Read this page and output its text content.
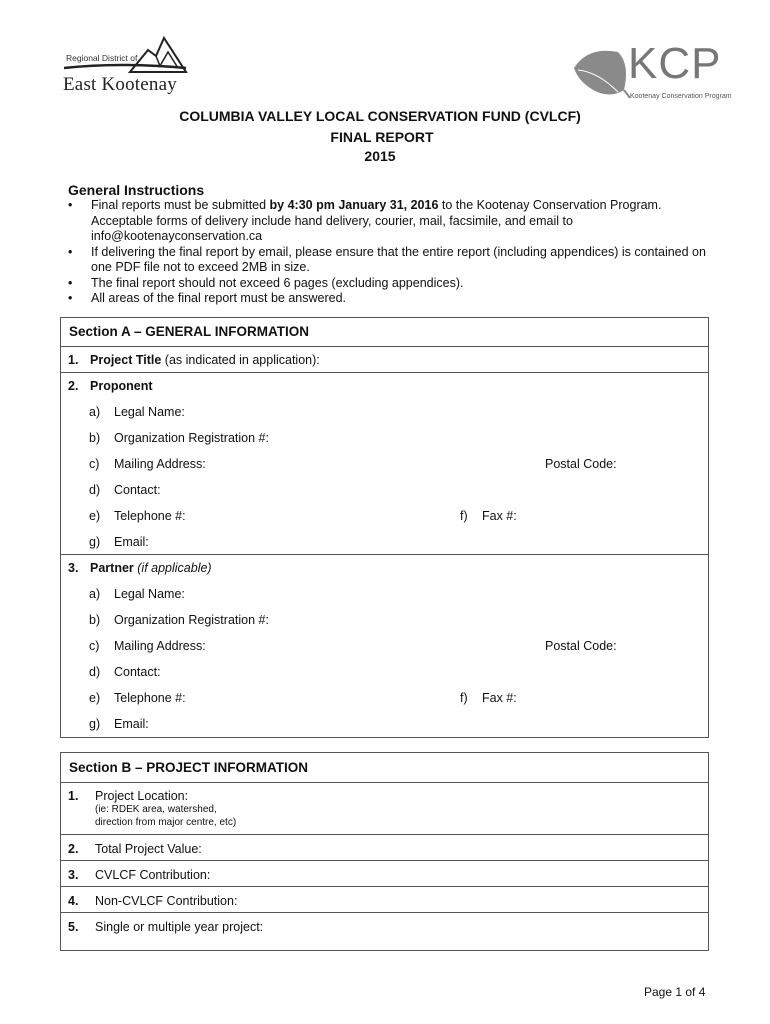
Regional District of
East Kootenay	KCP
Kootenay Conservation Program
COLUMBIA VALLEY LOCAL CONSERVATION FUND (CVLCF)
FINAL REPORT
2015
General Instructions
• Final reports must be submitted by 4:30 pm January 31, 2016 to the Kootenay Conservation Program. Acceptable forms of delivery include hand delivery, courier, mail, facsimile, and email to info@kootenayconservation.ca
• If delivering the final report by email, please ensure that the entire report (including appendices) is contained on one PDF file not to exceed 2MB in size.
• The final report should not exceed 6 pages (excluding appendices).
• All areas of the final report must be answered.
Section A – GENERAL INFORMATION
1. Project Title (as indicated in application):
2. Proponent
a) Legal Name:
b) Organization Registration #:
c) Mailing Address:	Postal Code:
d) Contact:
e) Telephone #:	f) Fax #:
g) Email:
3. Partner (if applicable)
a) Legal Name:
b) Organization Registration #:
c) Mailing Address:	Postal Code:
d) Contact:
e) Telephone #:	f) Fax #:
g) Email:
Section B – PROJECT INFORMATION
1. Project Location:
(ie: RDEK area, watershed,
direction from major centre, etc)
2. Total Project Value:
3. CVLCF Contribution:
4. Non-CVLCF Contribution:
5. Single or multiple year project:
Page 1 of 4
